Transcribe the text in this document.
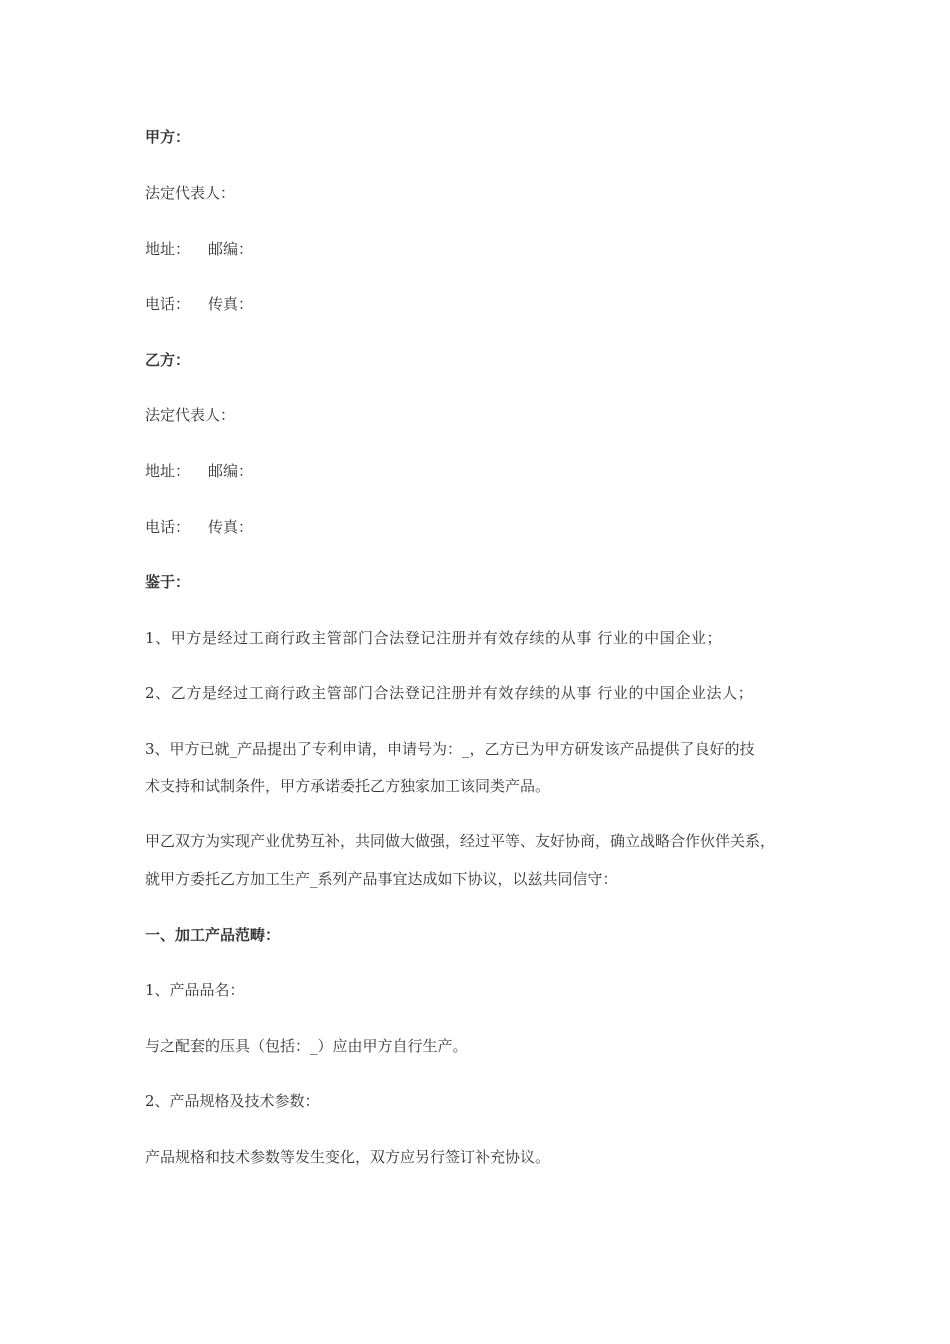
甲方：

法定代表人：

地址： 邮编：

电话： 传真：

乙方：

法定代表人：

地址： 邮编：

电话： 传真：

鉴于：

1、甲方是经过工商行政主管部门合法登记注册并有效存续的从事 行业的中国企业；

2、乙方是经过工商行政主管部门合法登记注册并有效存续的从事 行业的中国企业法人；

3、甲方已就_产品提出了专利申请，申请号为：_，乙方已为甲方研发该产品提供了良好的技

术支持和试制条件，甲方承诺委托乙方独家加工该同类产品。

甲乙双方为实现产业优势互补，共同做大做强，经过平等、友好协商，确立战略合作伙伴关系，

就甲方委托乙方加工生产_系列产品事宜达成如下协议，以兹共同信守：

一、加工产品范畴：

1、产品品名：

与之配套的压具（包括：_）应由甲方自行生产。

2、产品规格及技术参数：

产品规格和技术参数等发生变化，双方应另行签订补充协议。
